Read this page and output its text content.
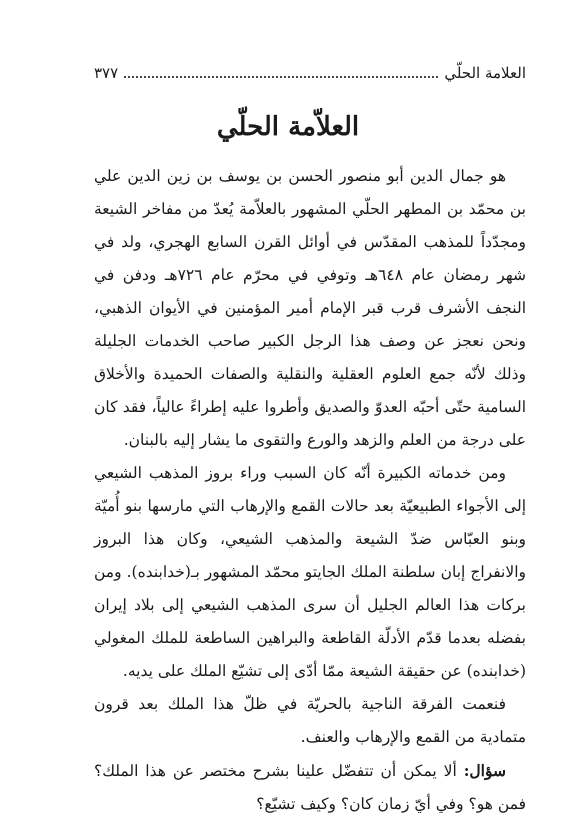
العلامة الحلّي
٣٧٧
العلاّمة الحلّي

هو جمال الدين أبو منصور الحسن بن يوسف بن زين الدين علي بن محمّد بن المطهر الحلّي المشهور بالعلاّمة يُعدّ من مفاخر الشيعة ومجدّداً للمذهب المقدّس في أوائل القرن السابع الهجري، ولد في شهر رمضان عام ٦٤٨هـ وتوفي في محرّم عام ٧٢٦هـ ودفن في النجف الأشرف قرب قبر الإمام أمير المؤمنين في الأيوان الذهبي، ونحن نعجز عن وصف هذا الرجل الكبير صاحب الخدمات الجليلة وذلك لأنّه جمع العلوم العقلية والنقلية والصفات الحميدة والأخلاق السامية حتّى أحبّه العدوّ والصديق وأطروا عليه إطراءً عالياً، فقد كان على درجة من العلم والزهد والورع والتقوى ما يشار إليه بالبنان.

ومن خدماته الكبيرة أنّه كان السبب وراء بروز المذهب الشيعي إلى الأجواء الطبيعيّة بعد حالات القمع والإرهاب التي مارسها بنو أُميّة وبنو العبّاس ضدّ الشيعة والمذهب الشيعي، وكان هذا البروز والانفراج إبان سلطنة الملك الجايتو محمّد المشهور بـ(خدابنده). ومن بركات هذا العالم الجليل أن سرى المذهب الشيعي إلى بلاد إيران بفضله بعدما قدّم الأدلّة القاطعة والبراهين الساطعة للملك المغولي (خدابنده) عن حقيقة الشيعة ممّا أدّى إلى تشيّع الملك على يديه.

فنعمت الفرقة الناجية بالحريّة في ظلّ هذا الملك بعد قرون متمادية من القمع والإرهاب والعنف.

سؤال: ألا يمكن أن تتفضّل علينا بشرح مختصر عن هذا الملك؟ فمن هو؟ وفي أيّ زمان كان؟ وكيف تشيّع؟
